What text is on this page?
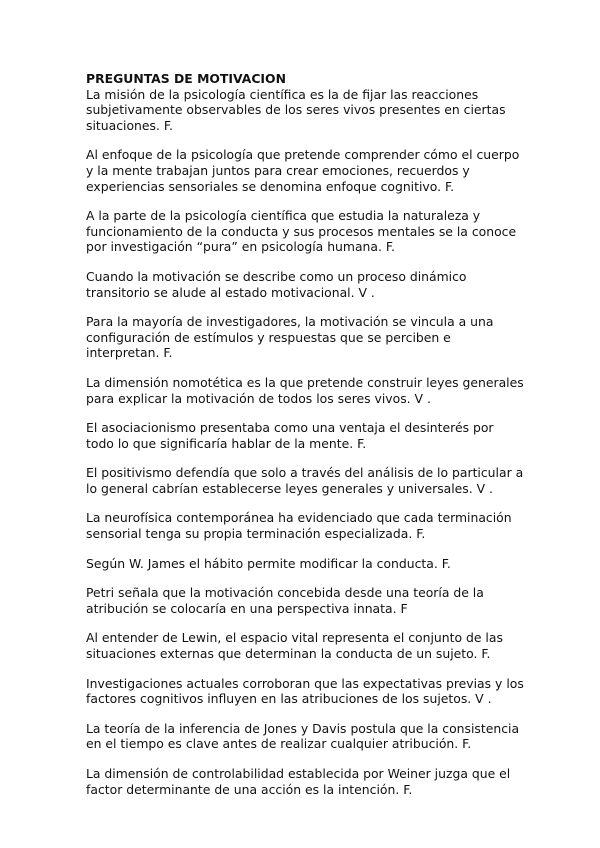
PREGUNTAS DE MOTIVACION

La misión de la psicología científica es la de fijar las reacciones
subjetivamente observables de los seres vivos presentes en ciertas
situaciones. F.

Al enfoque de la psicología que pretende comprender cómo el cuerpo
y la mente trabajan juntos para crear emociones, recuerdos y
experiencias sensoriales se denomina enfoque cognitivo. F.

A la parte de la psicología científica que estudia la naturaleza y
funcionamiento de la conducta y sus procesos mentales se la conoce
por investigación “pura” en psicología humana. F.

Cuando la motivación se describe como un proceso dinámico
transitorio se alude al estado motivacional. V .

Para la mayoría de investigadores, la motivación se vincula a una
configuración de estímulos y respuestas que se perciben e
interpretan. F.

La dimensión nomotética es la que pretende construir leyes generales
para explicar la motivación de todos los seres vivos. V .

El asociacionismo presentaba como una ventaja el desinterés por
todo lo que significaría hablar de la mente. F.

El positivismo defendía que solo a través del análisis de lo particular a
lo general cabrían establecerse leyes generales y universales. V .

La neurofísica contemporánea ha evidenciado que cada terminación
sensorial tenga su propia terminación especializada. F.

Según W. James el hábito permite modificar la conducta. F.

Petri señala que la motivación concebida desde una teoría de la
atribución se colocaría en una perspectiva innata. F

Al entender de Lewin, el espacio vital representa el conjunto de las
situaciones externas que determinan la conducta de un sujeto. F.

Investigaciones actuales corroboran que las expectativas previas y los
factores cognitivos influyen en las atribuciones de los sujetos. V .

La teoría de la inferencia de Jones y Davis postula que la consistencia
en el tiempo es clave antes de realizar cualquier atribución. F.

La dimensión de controlabilidad establecida por Weiner juzga que el
factor determinante de una acción es la intención. F.
